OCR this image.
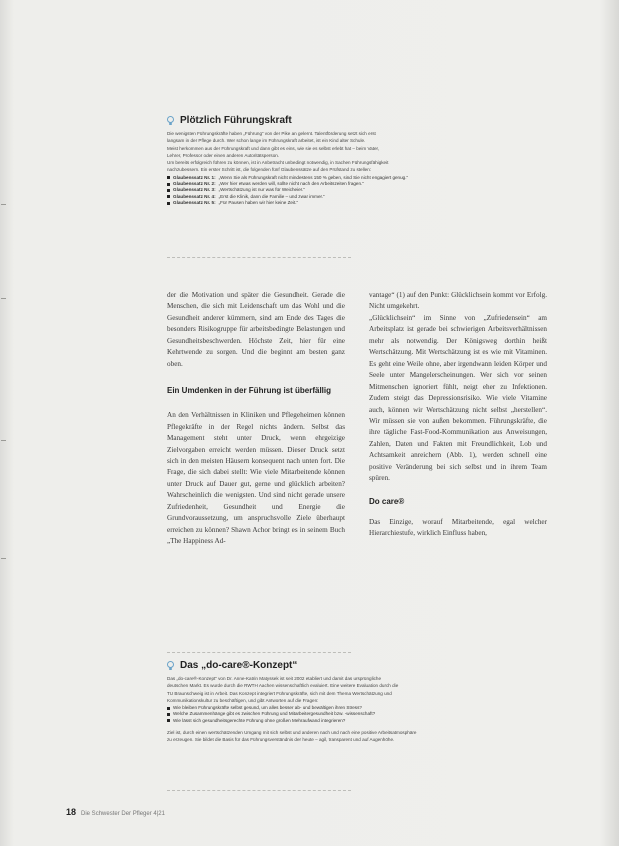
Plötzlich Führungskraft

Die wenigsten Führungskräfte haben „Führung“ von der Pike an gelernt. Talentförderung setzt sich erst

langsam in der Pflege durch. Wer schon lange im Führungskraft arbeitet, ist ein Kind alter Schule.

Meist herkommen aus der Führungskraft und dann gibt es eins, wie sie es selbst erlebt hat – beim Vater,

Lehrer, Professor oder einen anderen Autoritätsperson.

Um bereits erfolgreich führen zu können, ist in Anbetracht unbedingt notwendig, in Sachen Führungsfähigkeit

nachzubessern. Ein erster Schritt ist, die folgenden fünf Glaubenssätze auf den Prüfstand zu stellen:

Glaubenssatz Nr. 1: „Wenn Sie als Führungskraft nicht mindestens 150 % geben, sind Sie nicht engagiert genug.“
Glaubenssatz Nr. 2: „Wer hier etwas werden will, sollte nicht nach den Arbeitszeiten fragen.“
Glaubenssatz Nr. 3: „Wertschätzung ist nur was für Weicheier.“
Glaubenssatz Nr. 4: „Erst die Klinik, dann die Familie – und zwar immer.“
Glaubenssatz Nr. 5: „Für Pausen haben wir hier keine Zeit.“

der die Motivation und später die Gesundheit. Gerade die Menschen, die sich mit Leidenschaft um das Wohl und die Gesundheit anderer kümmern, sind am Ende des Tages die besonders Risikogruppe für arbeitsbedingte Belastungen und Gesundheitsbeschwerden. Höchste Zeit, hier für eine Kehrtwende zu sorgen. Und die beginnt am besten ganz oben.

Ein Umdenken in der Führung ist überfällig

An den Verhältnissen in Kliniken und Pflegeheimen können Pflegekräfte in der Regel nichts ändern. Selbst das Management steht unter Druck, wenn ehrgeizige Zielvorgaben erreicht werden müssen. Dieser Druck setzt sich in den meisten Häusern konsequent nach unten fort. Die Frage, die sich dabei stellt: Wie viele Mitarbeitende können unter Druck auf Dauer gut, gerne und glücklich arbeiten? Wahrscheinlich die wenigsten. Und sind nicht gerade unsere Zufriedenheit, Gesundheit und Energie die Grundvoraussetzung, um anspruchsvolle Ziele überhaupt erreichen zu können? Shawn Achor bringt es in seinem Buch „The Happiness Ad-

vantage“ (1) auf den Punkt: Glücklichsein kommt vor Erfolg. Nicht umgekehrt.

„Glücklichsein“ im Sinne von „Zufriedensein“ am Arbeitsplatz ist gerade bei schwierigen Arbeitsverhältnissen mehr als notwendig. Der Königsweg dorthin heißt Wertschätzung. Mit Wertschätzung ist es wie mit Vitaminen. Es geht eine Weile ohne, aber irgendwann leiden Körper und Seele unter Mangelerscheinungen. Wer sich vor seinen Mitmenschen ignoriert fühlt, neigt eher zu Infektionen. Zudem steigt das Depressionsrisiko. Wie viele Vitamine auch, können wir Wertschätzung nicht selbst „herstellen“. Wir müssen sie von außen bekommen. Führungskräfte, die ihre tägliche Fast-Food-Kommunikation aus Anweisungen, Zahlen, Daten und Fakten mit Freundlichkeit, Lob und Achtsamkeit anreichern (Abb. 1), werden schnell eine positive Veränderung bei sich selbst und in ihrem Team spüren.

Do care®

Das Einzige, worauf Mitarbeitende, egal welcher Hierarchiestufe, wirklich Einfluss haben,

Das „do-care®-Konzept“

Das „do-care®-Konzept“ von Dr. Anne-Katrin Matyssek ist seit 2002 etabliert und damit das ursprüngliche

deutschen Markt. Es wurde durch die RWTH Aachen wissenschaftlich evaluiert. Eine weitere Evaluation durch die

TU Braunschweig ist in Arbeit. Das Konzept integriert Führungskräfte, sich mit dem Thema Wertschätzung und

Kommunikationskultur zu beschäftigen, und gibt Antworten auf die Fragen:

Wie bleiben Führungskräfte selbst gesund, um alles besser ab- und bewältigen ihren Stress?
Welche Zusammenhänge gibt es zwischen Führung und Mitarbeitergesundheit bzw. -wissenschaft?
Wie lässt sich gesundheitsgerechte Führung ohne großen Mehraufwand integrieren?

Ziel ist, durch einen wertschätzenden Umgang mit sich selbst und anderen nach und nach eine positive Arbeitsatmosphäre

zu erzeugen. Sie bildet die Basis für das Führungsverständnis der heute – agil, transparent und auf Augenhöhe.

18 Die Schwester Der Pfleger 4|21
